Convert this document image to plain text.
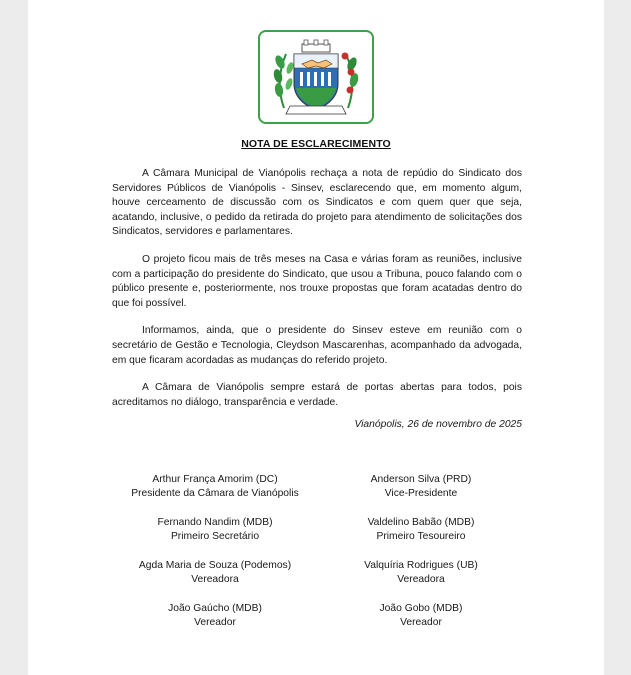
NOTA DE ESCLARECIMENTO

A Câmara Municipal de Vianópolis rechaça a nota de repúdio do Sindicato dos Servidores Públicos de Vianópolis - Sinsev, esclarecendo que, em momento algum, houve cerceamento de discussão com os Sindicatos e com quem quer que seja, acatando, inclusive, o pedido da retirada do projeto para atendimento de solicitações dos Sindicatos, servidores e parlamentares.

O projeto ficou mais de três meses na Casa e várias foram as reuniões, inclusive com a participação do presidente do Sindicato, que usou a Tribuna, pouco falando com o público presente e, posteriormente, nos trouxe propostas que foram acatadas dentro do que foi possível.

Informamos, ainda, que o presidente do Sinsev esteve em reunião com o secretário de Gestão e Tecnologia, Cleydson Mascarenhas, acompanhado da advogada, em que ficaram acordadas as mudanças do referido projeto.

A Câmara de Vianópolis sempre estará de portas abertas para todos, pois acreditamos no diálogo, transparência e verdade.

Vianópolis, 26 de novembro de 2025
Arthur França Amorim (DC)
Presidente da Câmara de Vianópolis
Anderson Silva (PRD)
Vice-Presidente
Fernando Nandim (MDB)
Primeiro Secretário
Valdelino Babão (MDB)
Primeiro Tesoureiro
Agda Maria de Souza (Podemos)
Vereadora
Valquíria Rodrigues (UB)
Vereadora
João Gaúcho (MDB)
Vereador
João Gobo (MDB)
Vereador
